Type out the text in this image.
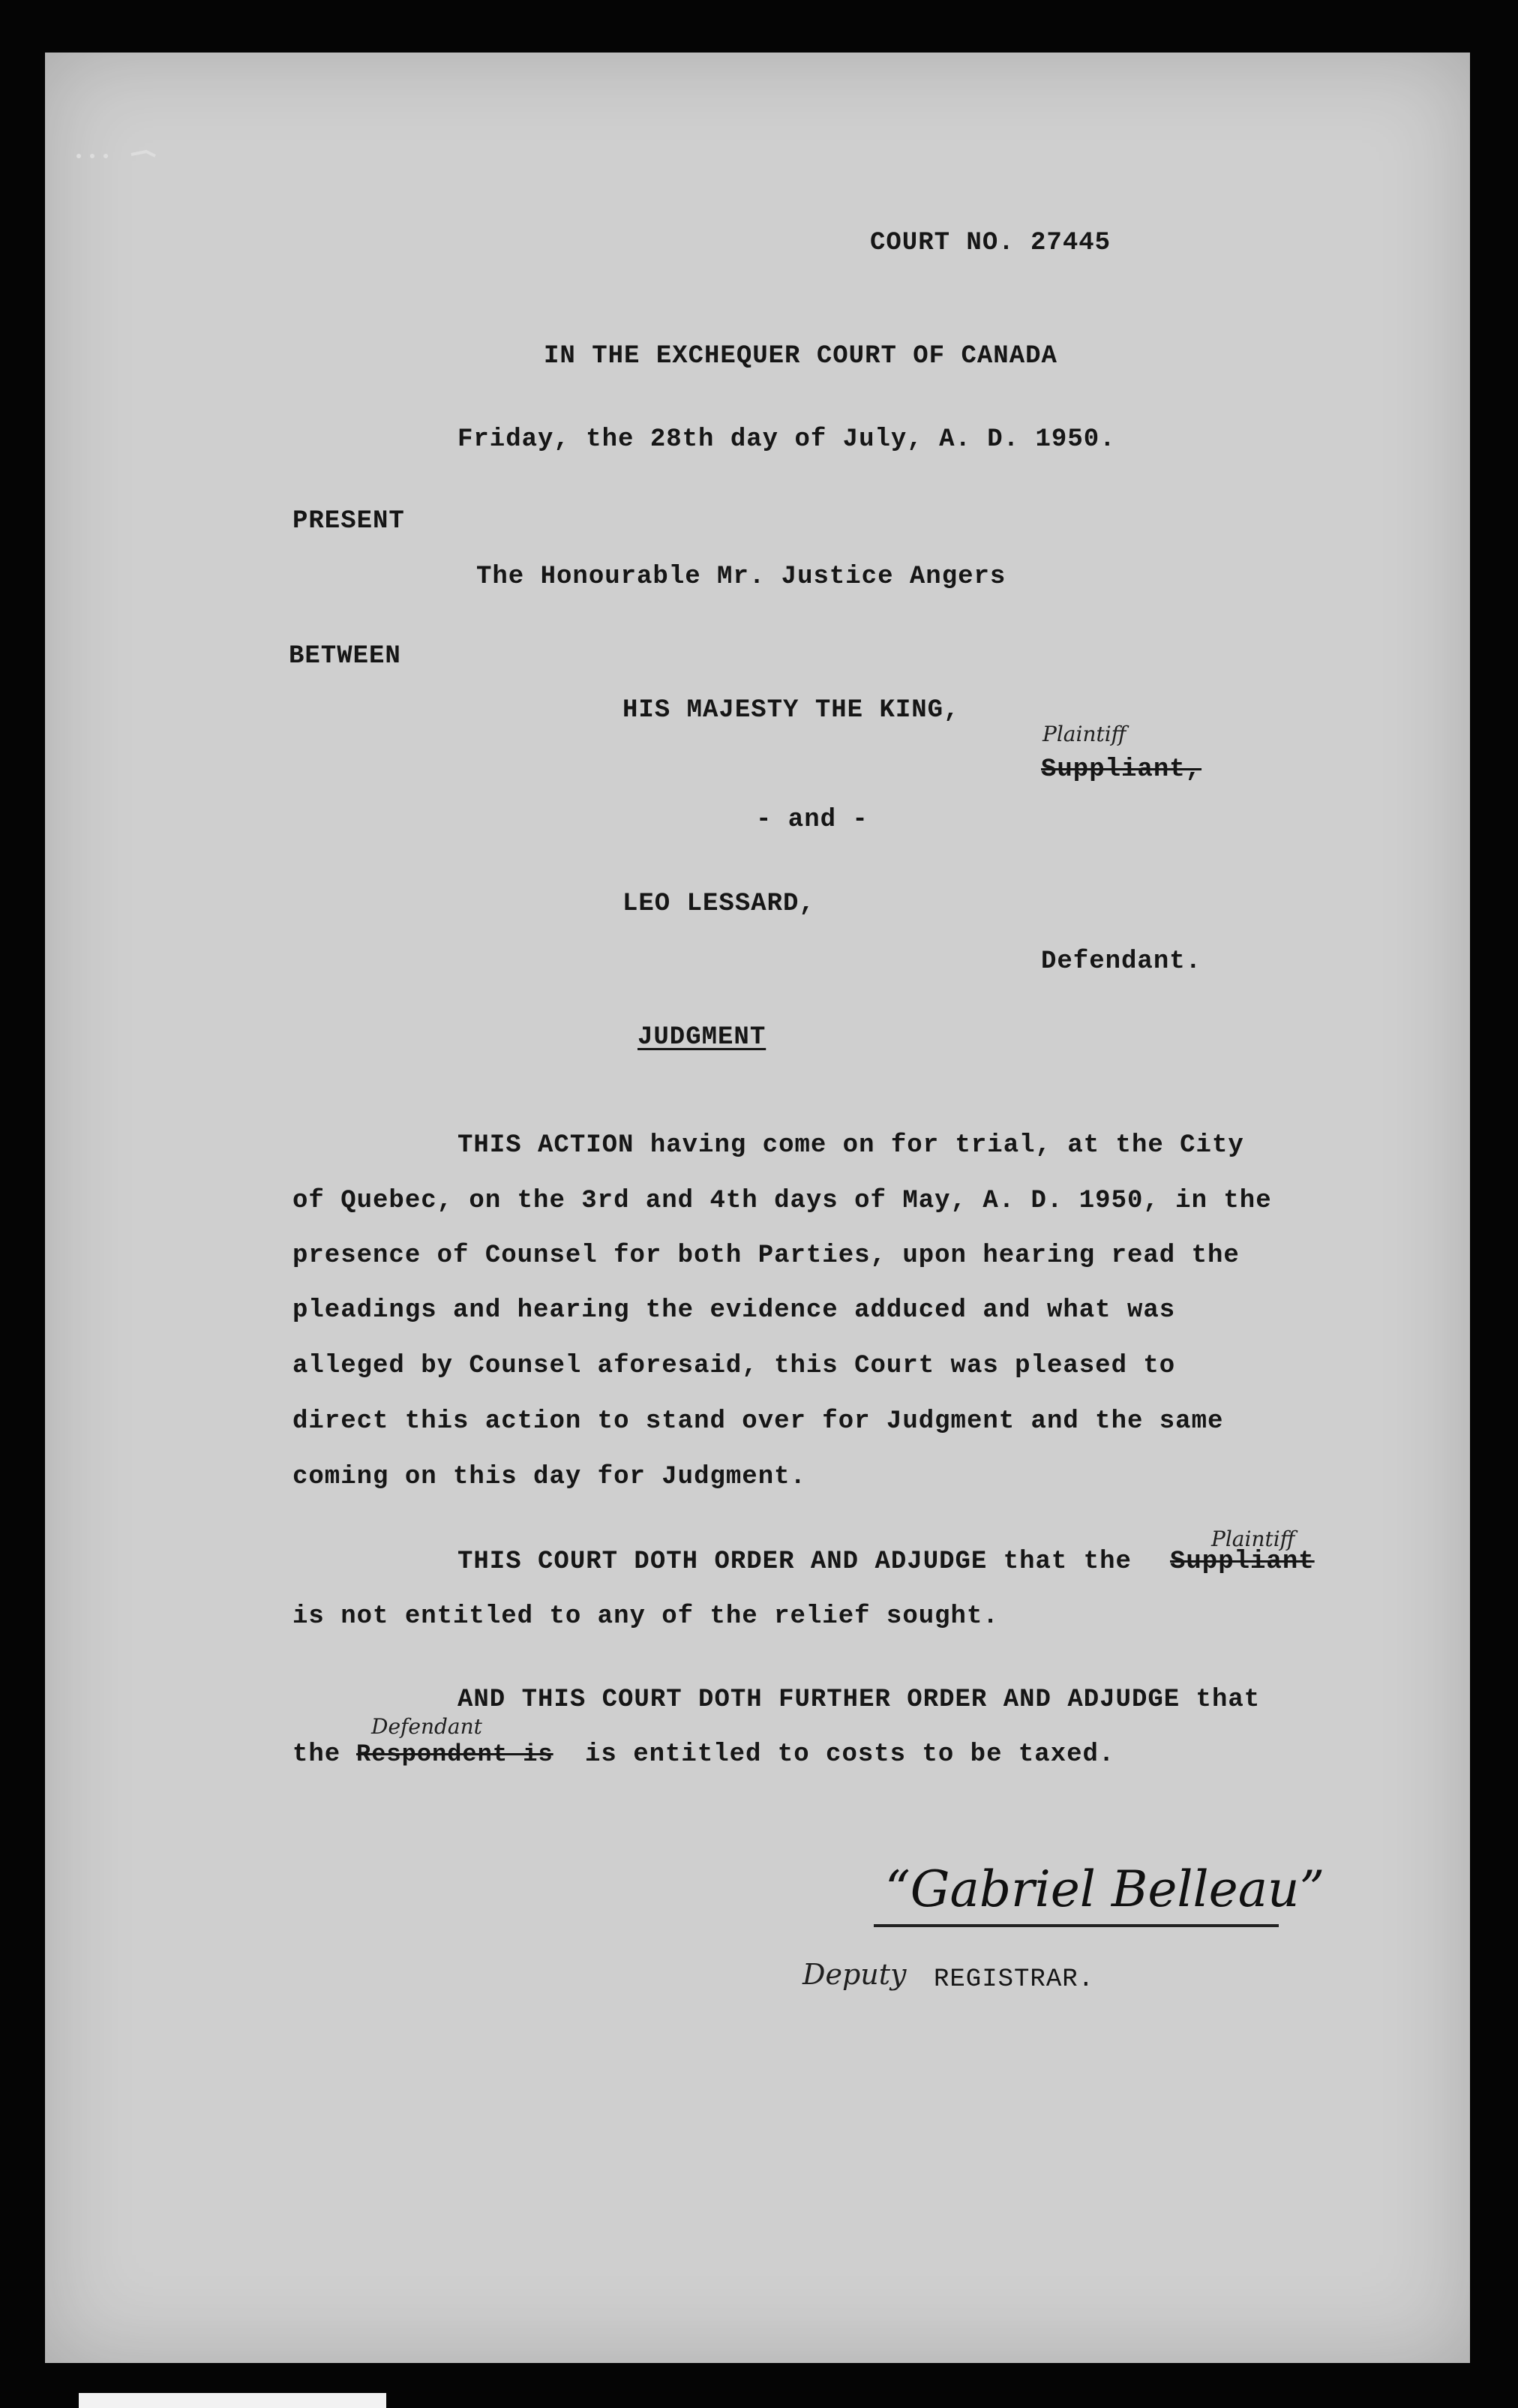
COURT NO. 27445
IN THE EXCHEQUER COURT OF CANADA
Friday, the 28th day of July, A. D. 1950.
PRESENT
The Honourable Mr. Justice Angers
BETWEEN
HIS MAJESTY THE KING,
Plaintiff
Suppliant,
- and -
LEO LESSARD,
Defendant.
JUDGMENT
THIS ACTION having come on for trial, at the City
of Quebec, on the 3rd and 4th days of May, A. D. 1950, in the
presence of Counsel for both Parties, upon hearing read the
pleadings and hearing the evidence adduced and what was
alleged by Counsel aforesaid, this Court was pleased to
direct this action to stand over for Judgment and the same
coming on this day for Judgment.
Plaintiff
THIS COURT DOTH ORDER AND ADJUDGE that the Suppliant
is not entitled to any of the relief sought.
AND THIS COURT DOTH FURTHER ORDER AND ADJUDGE that
Defendant
the Respondent is is entitled to costs to be taxed.
“Gabriel Belleau”
Deputy REGISTRAR.
